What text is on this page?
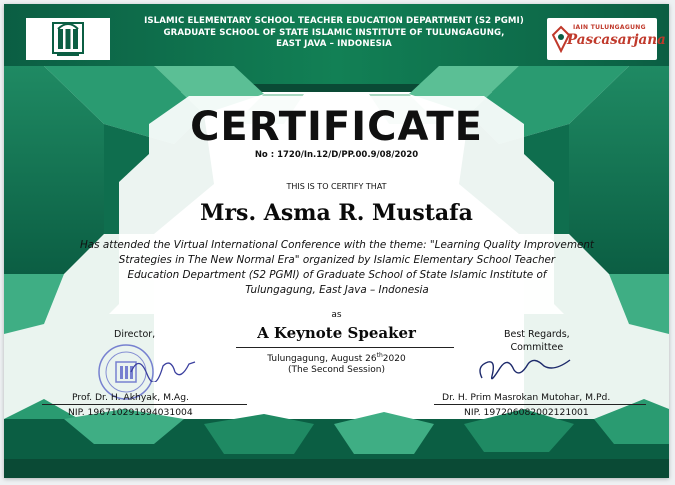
ISLAMIC ELEMENTARY SCHOOL TEACHER EDUCATION DEPARTMENT (S2 PGMI)
GRADUATE SCHOOL OF STATE ISLAMIC INSTITUTE OF TULUNGAGUNG,
EAST JAVA – INDONESIA
IAIN TULUNGAGUNG
Pascasarjana
CERTIFICATE
No : 1720/In.12/D/PP.00.9/08/2020
THIS IS TO CERTIFY THAT
Mrs. Asma R. Mustafa
Has attended the Virtual International Conference with the theme: "Learning Quality Improvement
Strategies in The New Normal Era" organized by Islamic Elementary School Teacher
Education Department (S2 PGMI) of Graduate School of State Islamic Institute of
Tulungagung, East Java – Indonesia
as
A Keynote Speaker
Tulungagung, August 26th2020
(The Second Session)
Director,
Prof. Dr. H. Akhyak, M.Ag.
NIP. 196710291994031004
Best Regards,
Committee
Dr. H. Prim Masrokan Mutohar, M.Pd.
NIP. 197206082002121001
